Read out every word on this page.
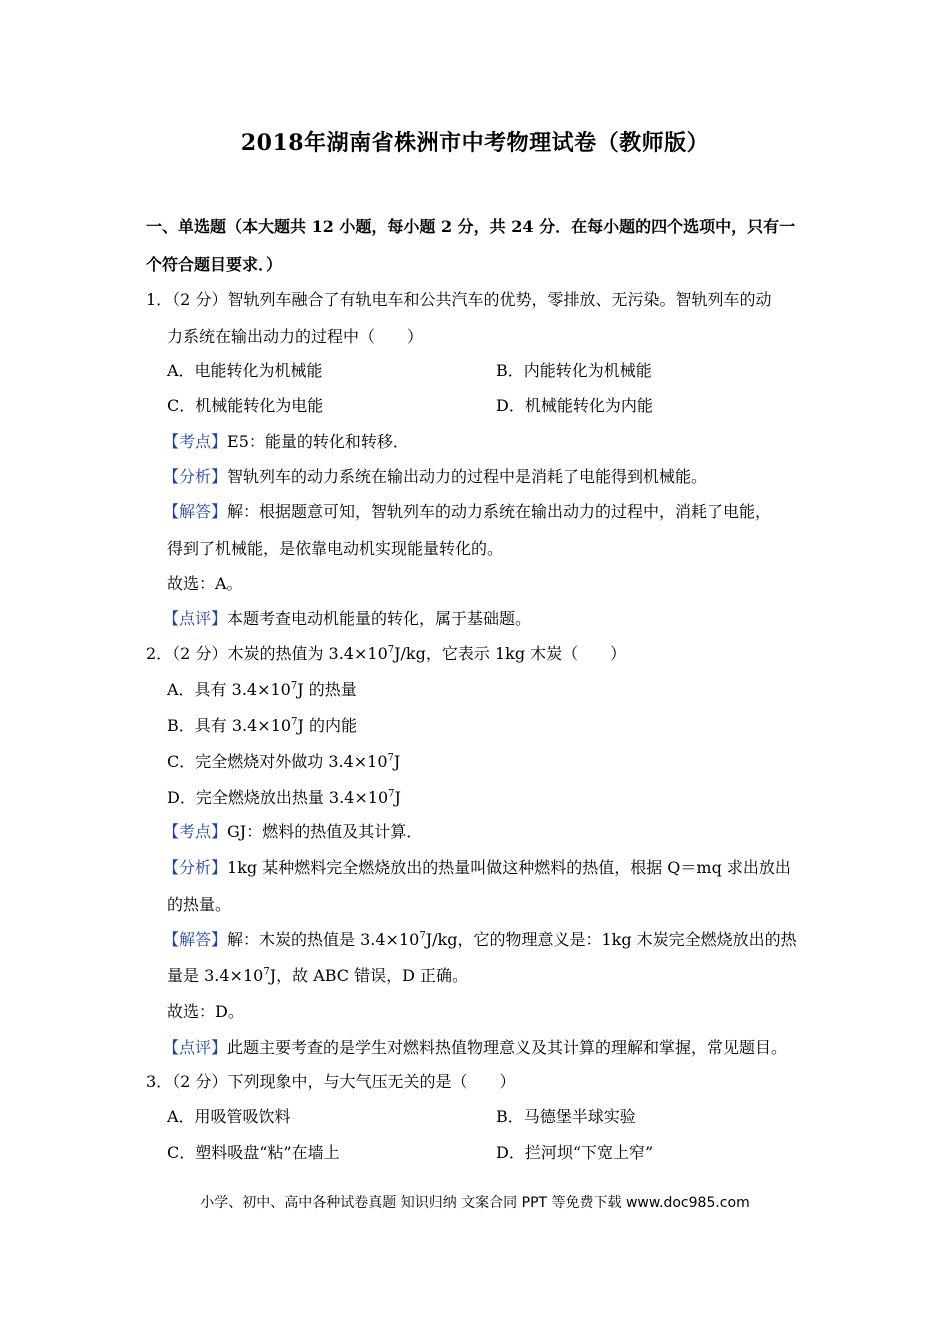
2018年湖南省株洲市中考物理试卷（教师版）
一、单选题（本大题共 12 小题，每小题 2 分，共 24 分．在每小题的四个选项中，只有一
个符合题目要求．）
1．（2 分）智轨列车融合了有轨电车和公共汽车的优势，零排放、无污染。智轨列车的动
力系统在输出动力的过程中（　　）
A．电能转化为机械能	B．内能转化为机械能
C．机械能转化为电能	D．机械能转化为内能
【考点】E5：能量的转化和转移．
【分析】智轨列车的动力系统在输出动力的过程中是消耗了电能得到机械能。
【解答】解：根据题意可知，智轨列车的动力系统在输出动力的过程中，消耗了电能，
得到了机械能，是依靠电动机实现能量转化的。
故选：A。
【点评】本题考查电动机能量的转化，属于基础题。
2．（2 分）木炭的热值为 $3.4\times 10^7J/kg$，它表示 1kg 木炭（　　）
A．具有 $3.4\times 10^7J$ 的热量
B．具有 $3.4\times 10^7J$ 的内能
C．完全燃烧对外做功 $3.4\times 10^7J$
D．完全燃烧放出热量 $3.4\times 10^7J$
【考点】GJ：燃料的热值及其计算．
【分析】1kg 某种燃料完全燃烧放出的热量叫做这种燃料的热值，根据 Q＝mq 求出放出
的热量。
【解答】解：木炭的热值是 $3.4\times 10^7J/kg$，它的物理意义是：1kg 木炭完全燃烧放出的热
量是 $3.4\times 10^7J$，故 ABC 错误，D 正确。
故选：D。
【点评】此题主要考查的是学生对燃料热值物理意义及其计算的理解和掌握，常见题目。
3．（2 分）下列现象中，与大气压无关的是（　　）
A．用吸管吸饮料	B．马德堡半球实验
C．塑料吸盘“粘”在墙上	D．拦河坝“下宽上窄”
小学、初中、高中各种试卷真题 知识归纳 文案合同 PPT 等免费下载 www.doc985.com
